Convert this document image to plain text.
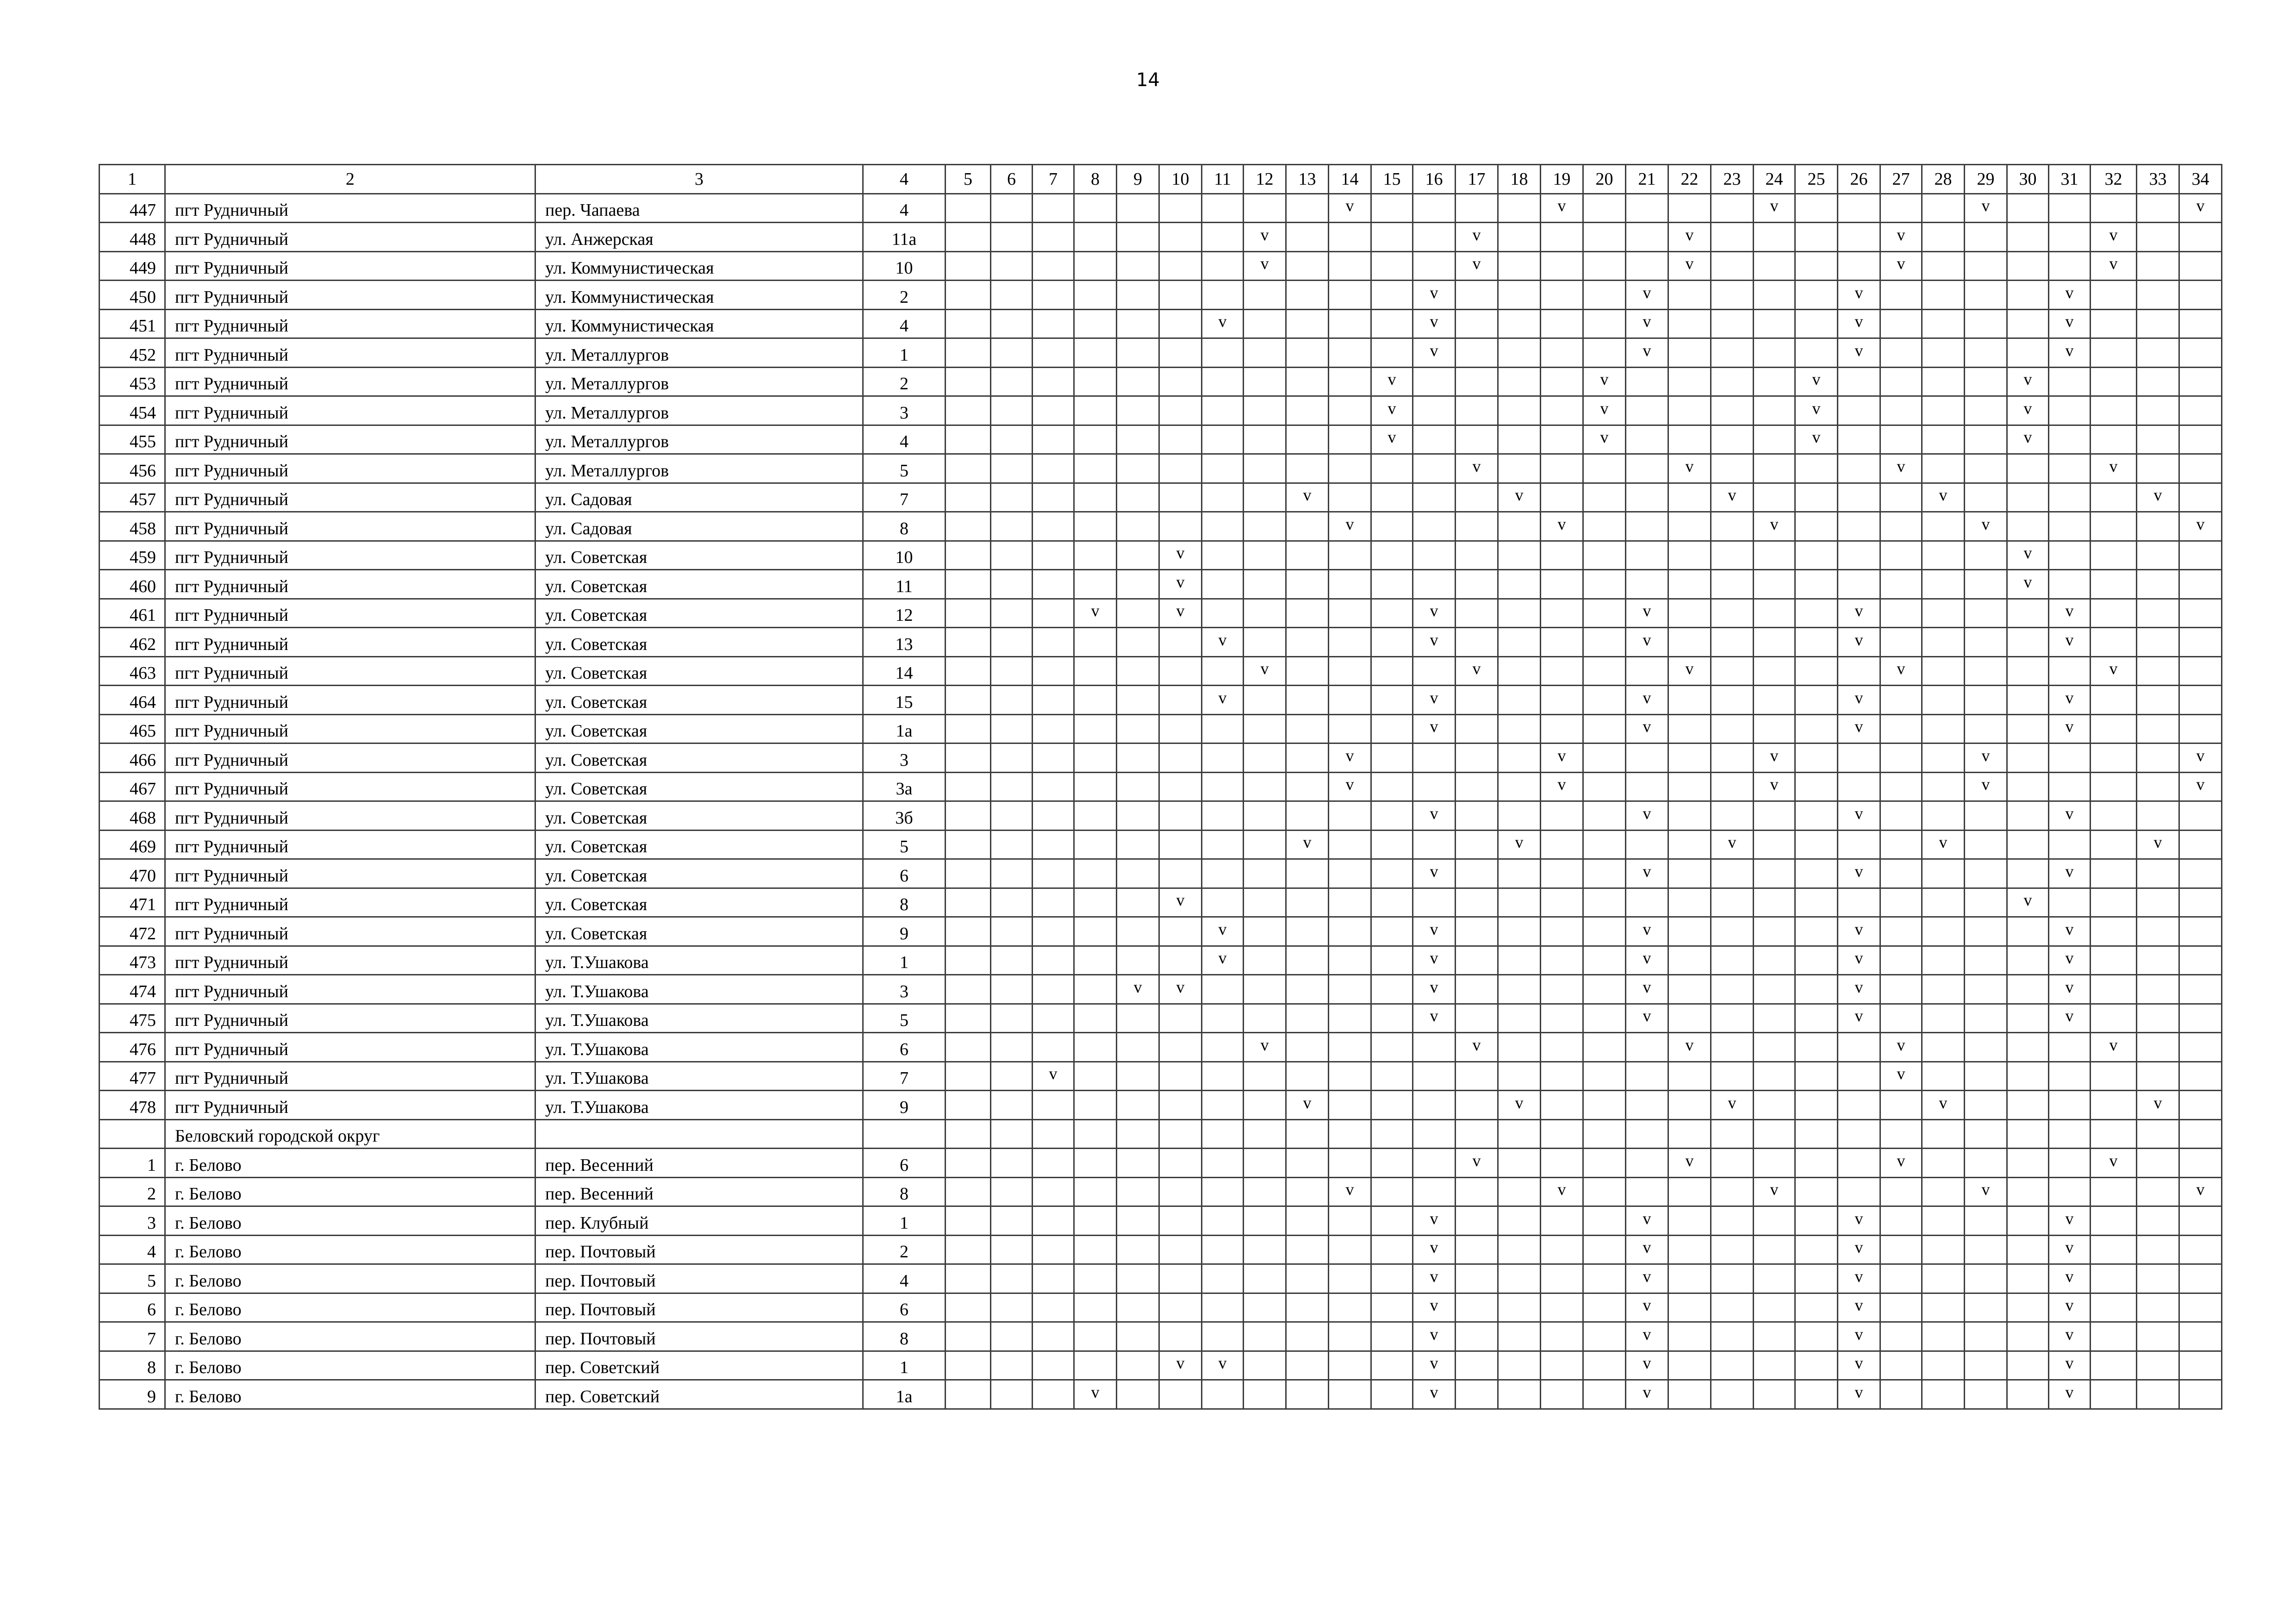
14
1	2	3	4	5	6	7	8	9	10	11	12	13	14	15	16	17	18	19	20	21	22	23	24	25	26	27	28	29	30	31	32	33	34
447	пгт Рудничный	пер. Чапаева	4										v					v					v					v					v
448	пгт Рудничный	ул. Анжерская	11а								v					v					v					v					v		
449	пгт Рудничный	ул. Коммунистическая	10								v					v					v					v					v		
450	пгт Рудничный	ул. Коммунистическая	2												v					v					v					v			
451	пгт Рудничный	ул. Коммунистическая	4							v					v					v					v					v			
452	пгт Рудничный	ул. Металлургов	1												v					v					v					v			
453	пгт Рудничный	ул. Металлургов	2											v					v					v					v				
454	пгт Рудничный	ул. Металлургов	3											v					v					v					v				
455	пгт Рудничный	ул. Металлургов	4											v					v					v					v				
456	пгт Рудничный	ул. Металлургов	5													v					v					v					v		
457	пгт Рудничный	ул. Садовая	7									v					v					v					v					v	
458	пгт Рудничный	ул. Садовая	8										v					v					v					v					v
459	пгт Рудничный	ул. Советская	10						v																				v				
460	пгт Рудничный	ул. Советская	11						v																				v				
461	пгт Рудничный	ул. Советская	12				v		v						v					v					v					v			
462	пгт Рудничный	ул. Советская	13							v					v					v					v					v			
463	пгт Рудничный	ул. Советская	14								v					v					v					v					v		
464	пгт Рудничный	ул. Советская	15							v					v					v					v					v			
465	пгт Рудничный	ул. Советская	1а												v					v					v					v			
466	пгт Рудничный	ул. Советская	3										v					v					v					v					v
467	пгт Рудничный	ул. Советская	3а										v					v					v					v					v
468	пгт Рудничный	ул. Советская	3б												v					v					v					v			
469	пгт Рудничный	ул. Советская	5									v					v					v					v					v	
470	пгт Рудничный	ул. Советская	6												v					v					v					v			
471	пгт Рудничный	ул. Советская	8						v																				v				
472	пгт Рудничный	ул. Советская	9							v					v					v					v					v			
473	пгт Рудничный	ул. Т.Ушакова	1							v					v					v					v					v			
474	пгт Рудничный	ул. Т.Ушакова	3					v	v						v					v					v					v			
475	пгт Рудничный	ул. Т.Ушакова	5												v					v					v					v			
476	пгт Рудничный	ул. Т.Ушакова	6								v					v					v					v					v		
477	пгт Рудничный	ул. Т.Ушакова	7			v																				v							
478	пгт Рудничный	ул. Т.Ушакова	9									v					v					v					v					v	
	Беловский городской округ																																
1	г. Белово	пер. Весенний	6													v					v					v					v		
2	г. Белово	пер. Весенний	8										v					v					v					v					v
3	г. Белово	пер. Клубный	1												v					v					v					v			
4	г. Белово	пер. Почтовый	2												v					v					v					v			
5	г. Белово	пер. Почтовый	4												v					v					v					v			
6	г. Белово	пер. Почтовый	6												v					v					v					v			
7	г. Белово	пер. Почтовый	8												v					v					v					v			
8	г. Белово	пер. Советский	1						v	v					v					v					v					v			
9	г. Белово	пер. Советский	1а				v								v					v					v					v			
